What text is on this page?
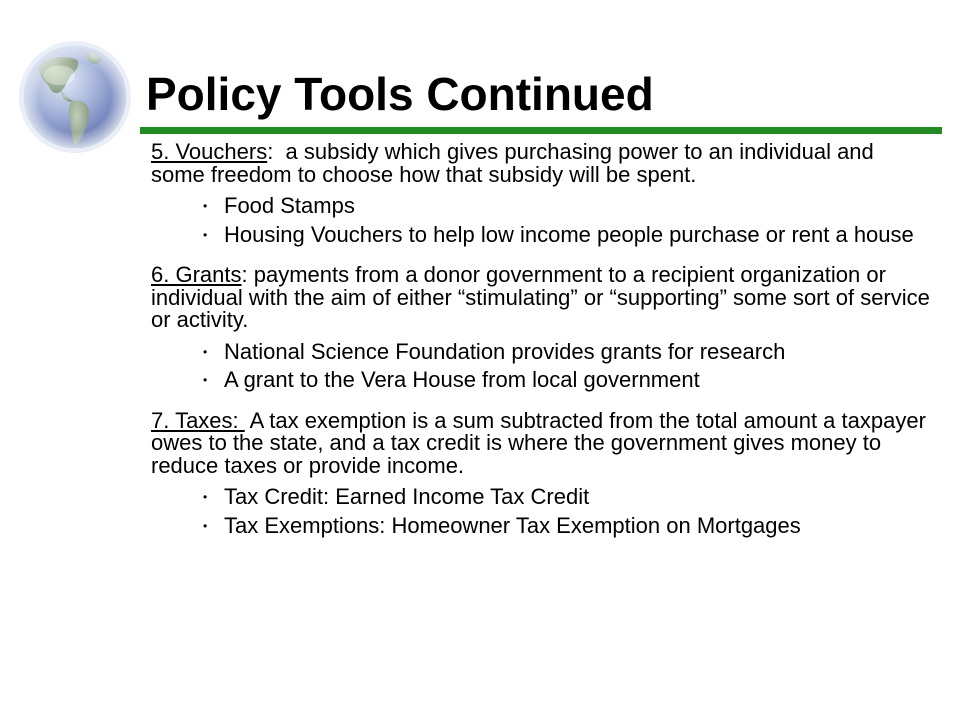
Policy Tools Continued

5. Vouchers:  a subsidy which gives purchasing power to an individual and some freedom to choose how that subsidy will be spent.

• Food Stamps
• Housing Vouchers to help low income people purchase or rent a house

6. Grants: payments from a donor government to a recipient organization or individual with the aim of either “stimulating” or “supporting” some sort of service or activity.

• National Science Foundation provides grants for research
• A grant to the Vera House from local government

7. Taxes:  A tax exemption is a sum subtracted from the total amount a taxpayer owes to the state, and a tax credit is where the government gives money to reduce taxes or provide income.

• Tax Credit: Earned Income Tax Credit
• Tax Exemptions: Homeowner Tax Exemption on Mortgages
